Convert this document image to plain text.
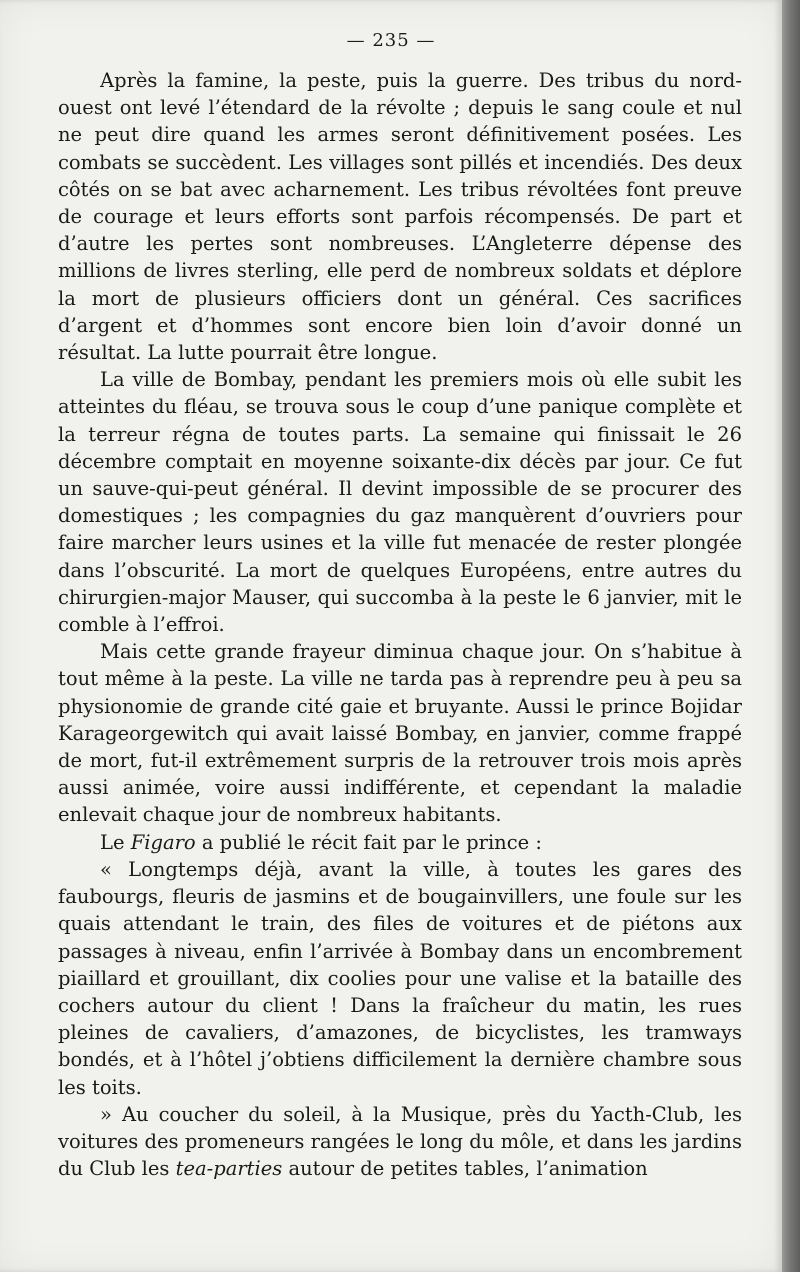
— 235 —

Après la famine, la peste, puis la guerre. Des tribus du nord-ouest ont levé l’étendard de la révolte ; depuis le sang coule et nul ne peut dire quand les armes seront définitivement posées. Les combats se succèdent. Les villages sont pillés et incendiés. Des deux côtés on se bat avec acharnement. Les tribus révoltées font preuve de courage et leurs efforts sont parfois récompensés. De part et d’autre les pertes sont nombreuses. L’Angleterre dépense des millions de livres sterling, elle perd de nombreux soldats et déplore la mort de plusieurs officiers dont un général. Ces sacrifices d’argent et d’hommes sont encore bien loin d’avoir donné un résultat. La lutte pourrait être longue.

La ville de Bombay, pendant les premiers mois où elle subit les atteintes du fléau, se trouva sous le coup d’une panique complète et la terreur régna de toutes parts. La semaine qui finissait le 26 décembre comptait en moyenne soixante-dix décès par jour. Ce fut un sauve-qui-peut général. Il devint impossible de se procurer des domestiques ; les compagnies du gaz manquèrent d’ouvriers pour faire marcher leurs usines et la ville fut menacée de rester plongée dans l’obscurité. La mort de quelques Européens, entre autres du chirurgien-major Mauser, qui succomba à la peste le 6 janvier, mit le comble à l’effroi.

Mais cette grande frayeur diminua chaque jour. On s’habitue à tout même à la peste. La ville ne tarda pas à reprendre peu à peu sa physionomie de grande cité gaie et bruyante. Aussi le prince Bojidar Karageorgewitch qui avait laissé Bombay, en janvier, comme frappé de mort, fut-il extrêmement surpris de la retrouver trois mois après aussi animée, voire aussi indifférente, et cependant la maladie enlevait chaque jour de nombreux habitants.

Le Figaro a publié le récit fait par le prince :

« Longtemps déjà, avant la ville, à toutes les gares des faubourgs, fleuris de jasmins et de bougainvillers, une foule sur les quais attendant le train, des files de voitures et de piétons aux passages à niveau, enfin l’arrivée à Bombay dans un encombrement piaillard et grouillant, dix coolies pour une valise et la bataille des cochers autour du client ! Dans la fraîcheur du matin, les rues pleines de cavaliers, d’amazones, de bicyclistes, les tramways bondés, et à l’hôtel j’obtiens difficilement la dernière chambre sous les toits.

» Au coucher du soleil, à la Musique, près du Yacth-Club, les voitures des promeneurs rangées le long du môle, et dans les jardins du Club les tea-parties autour de petites tables, l’animation
